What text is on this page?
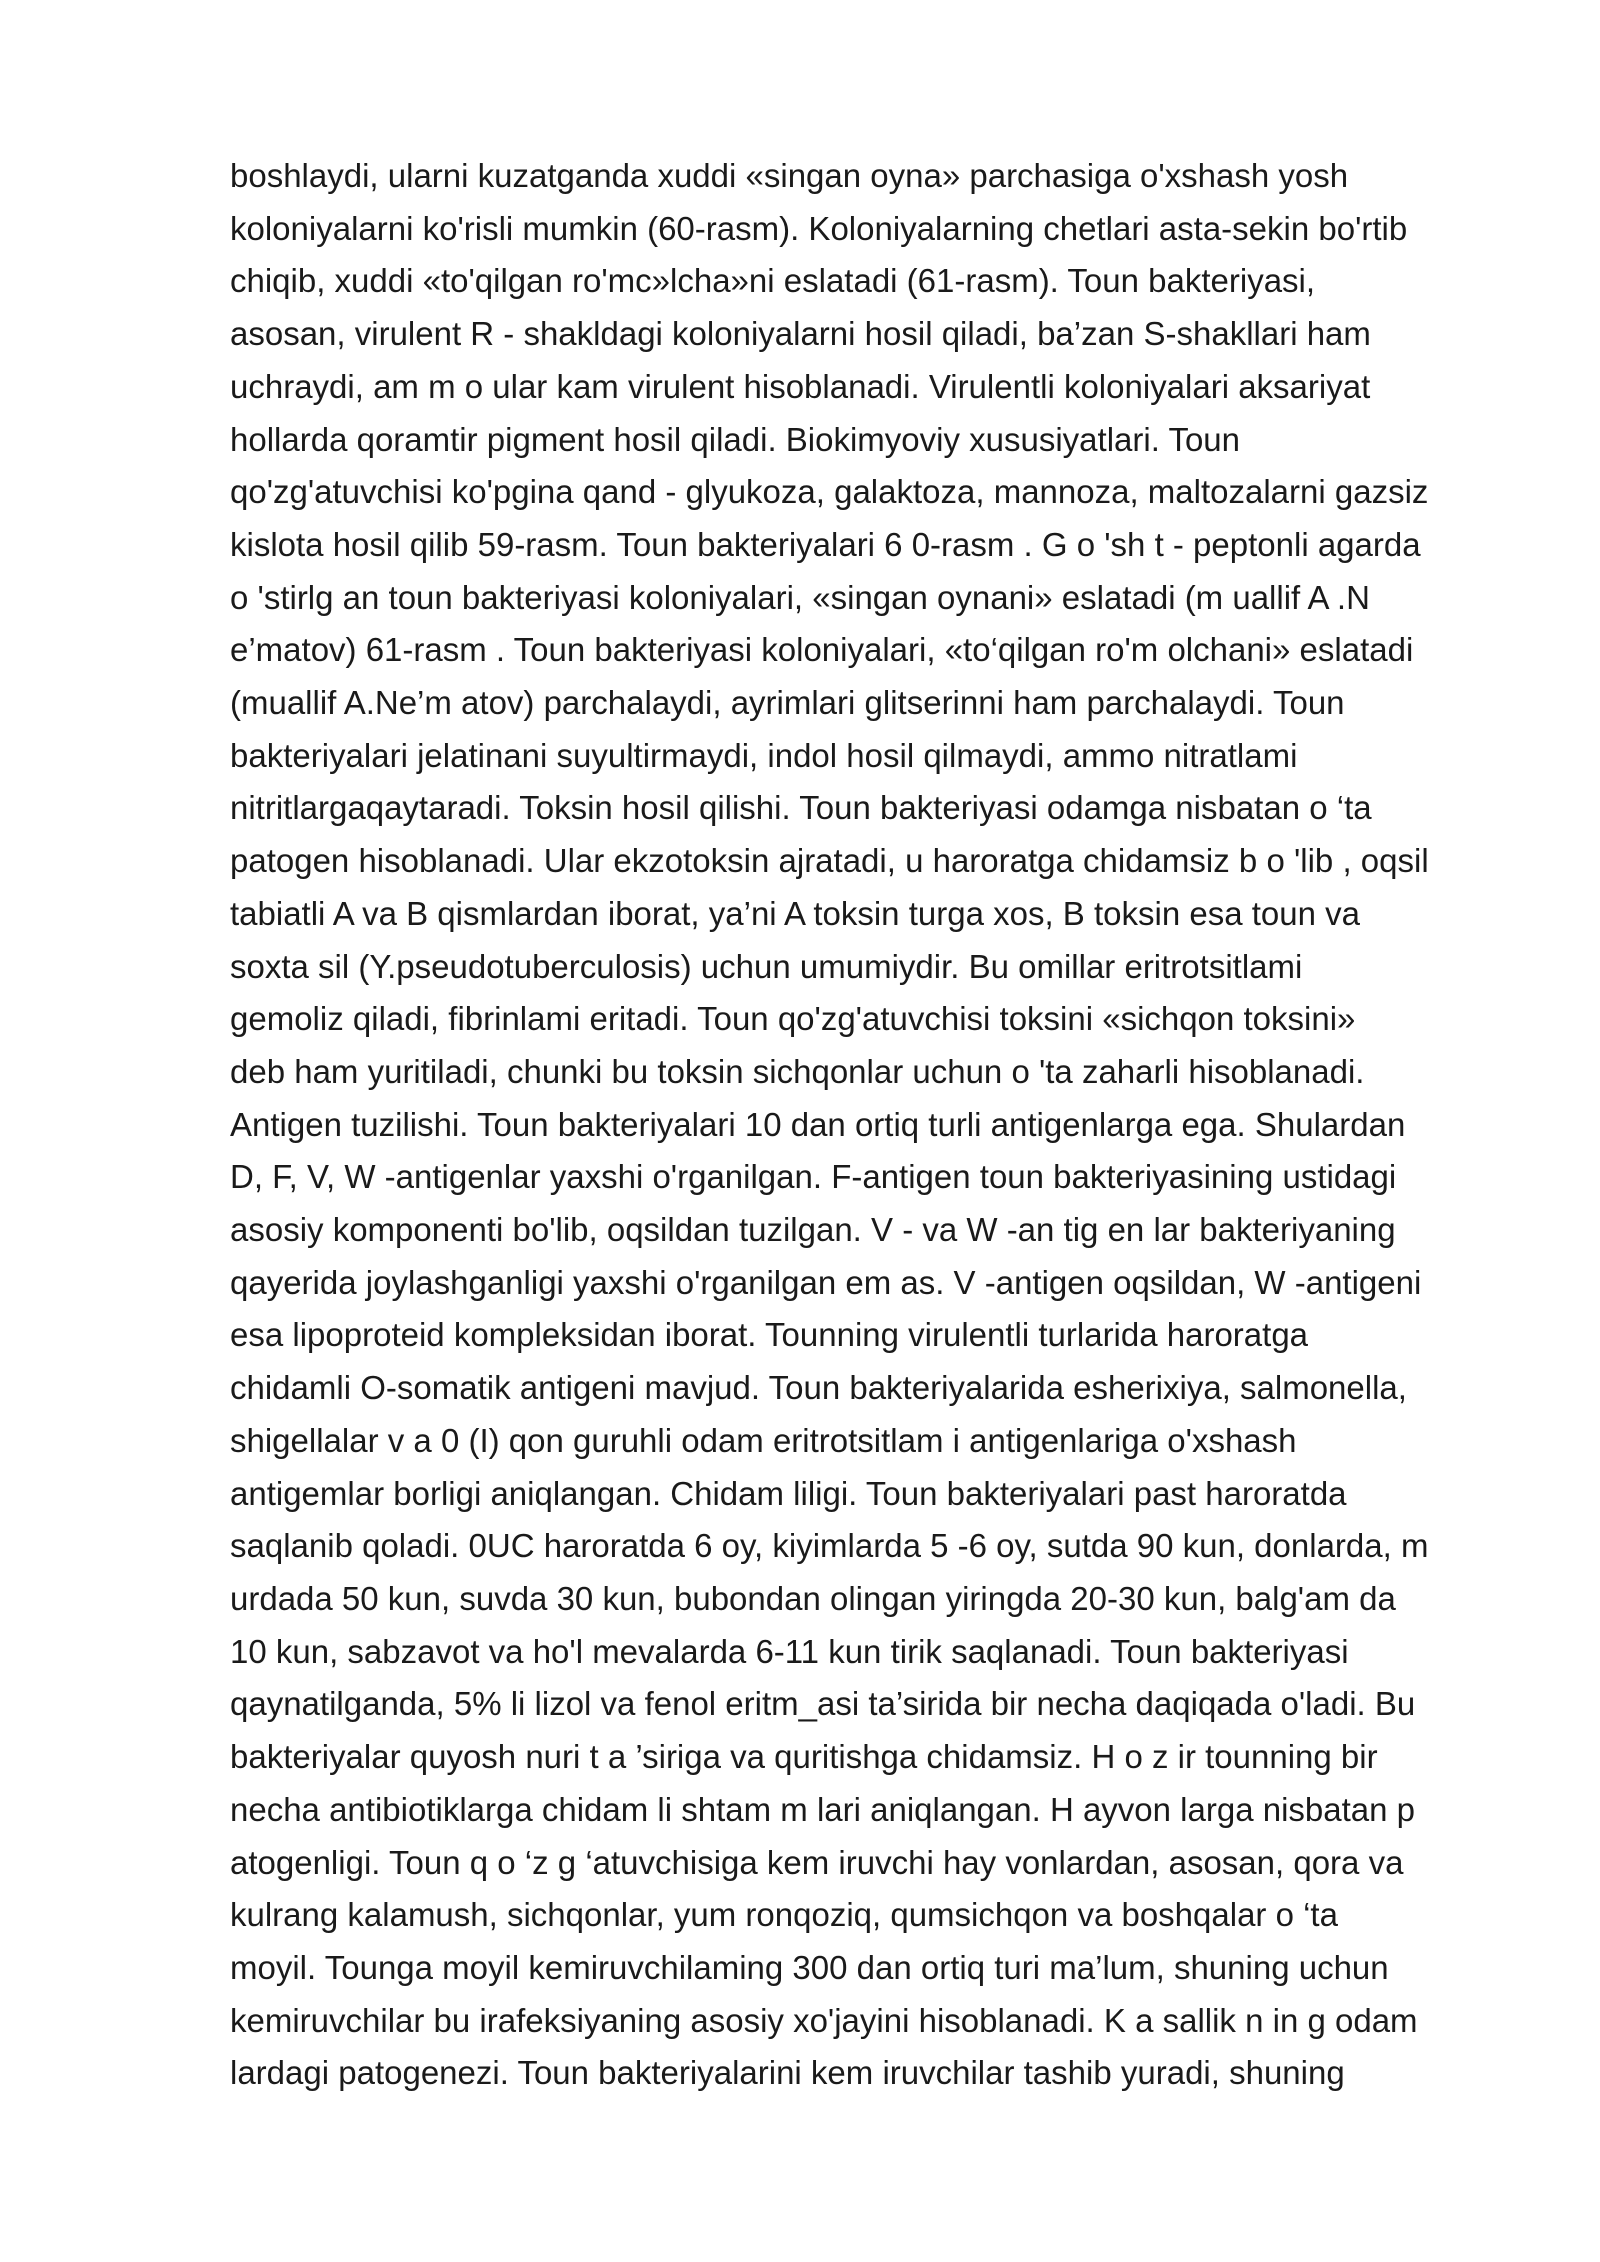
boshlaydi, ularni kuzatganda xuddi «singan oyna» parchasiga o'xshash yosh
koloniyalarni ko'risli mumkin (60-rasm). Koloniyalarning chetlari asta-sekin bo'rtib
chiqib, xuddi «to'qilgan ro'mc»lcha»ni eslatadi (61-rasm). Toun bakteriyasi,
asosan, virulent R - shakldagi koloniyalarni hosil qiladi, ba’zan S-shakllari ham
uchraydi, am m o ular kam virulent hisoblanadi. Virulentli koloniyalari aksariyat
hollarda qoramtir pigment hosil qiladi. Biokimyoviy xususiyatlari. Toun
qo'zg'atuvchisi ko'pgina qand - glyukoza, galaktoza, mannoza, maltozalarni gazsiz
kislota hosil qilib 59-rasm. Toun bakteriyalari 6 0-rasm . G o 'sh t - peptonli agarda
o 'stirlg an toun bakteriyasi koloniyalari, «singan oynani» eslatadi (m uallif A .N
e’matov) 61-rasm . Toun bakteriyasi koloniyalari, «to‘qilgan ro'm olchani» eslatadi
(muallif A.Ne’m atov) parchalaydi, ayrimlari glitserinni ham parchalaydi. Toun
bakteriyalari jelatinani suyultirmaydi, indol hosil qilmaydi, ammo nitratlami
nitritlargaqaytaradi. Toksin hosil qilishi. Toun bakteriyasi odamga nisbatan o ‘ta
patogen hisoblanadi. Ular ekzotoksin ajratadi, u haroratga chidamsiz b o 'lib , oqsil
tabiatli A va B qismlardan iborat, ya’ni A toksin turga xos, B toksin esa toun va
soxta sil (Y.pseudotuberculosis) uchun umumiydir. Bu omillar eritrotsitlami
gemoliz qiladi, fibrinlami eritadi. Toun qo'zg'atuvchisi toksini «sichqon toksini»
deb ham yuritiladi, chunki bu toksin sichqonlar uchun o 'ta zaharli hisoblanadi.
Antigen tuzilishi. Toun bakteriyalari 10 dan ortiq turli antigenlarga ega. Shulardan
D, F, V, W -antigenlar yaxshi o'rganilgan. F-antigen toun bakteriyasining ustidagi
asosiy komponenti bo'lib, oqsildan tuzilgan. V - va W -an tig en lar bakteriyaning
qayerida joylashganligi yaxshi o'rganilgan em as. V -antigen oqsildan, W -antigeni
esa lipoproteid kompleksidan iborat. Tounning virulentli turlarida haroratga
chidamli O-somatik antigeni mavjud. Toun bakteriyalarida esherixiya, salmonella,
shigellalar v a 0 (I) qon guruhli odam eritrotsitlam i antigenlariga o'xshash
antigemlar borligi aniqlangan. Chidam liligi. Toun bakteriyalari past haroratda
saqlanib qoladi. 0UC haroratda 6 oy, kiyimlarda 5 -6 oy, sutda 90 kun, donlarda, m
urdada 50 kun, suvda 30 kun, bubondan olingan yiringda 20-30 kun, balg'am da
10 kun, sabzavot va ho'l mevalarda 6-11 kun tirik saqlanadi. Toun bakteriyasi
qaynatilganda, 5% li lizol va fenol eritm_asi ta’sirida bir necha daqiqada o'ladi. Bu
bakteriyalar quyosh nuri t a ’siriga va quritishga chidamsiz. H o z ir tounning bir
necha antibiotiklarga chidam li shtam m lari aniqlangan. H ayvon larga nisbatan p
atogenligi. Toun q o ‘z g ‘atuvchisiga kem iruvchi hay vonlardan, asosan, qora va
kulrang kalamush, sichqonlar, yum ronqoziq, qumsichqon va boshqalar o ‘ta
moyil. Tounga moyil kemiruvchilaming 300 dan ortiq turi ma’lum, shuning uchun
kemiruvchilar bu irafeksiyaning asosiy xo'jayini hisoblanadi. K a sallik n in g odam
lardagi patogenezi. Toun bakteriyalarini kem iruvchilar tashib yuradi, shuning
